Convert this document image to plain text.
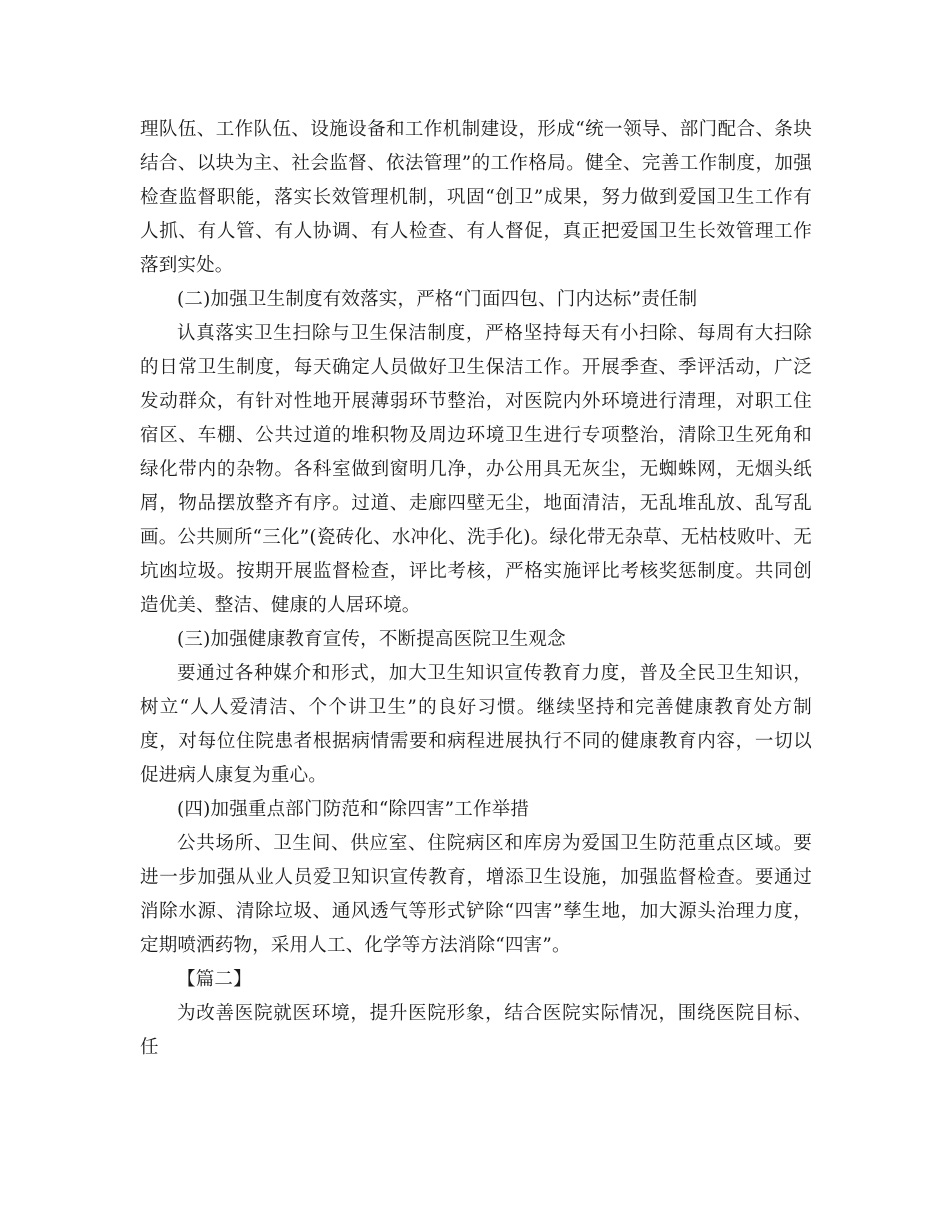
理队伍、工作队伍、设施设备和工作机制建设，形成“统一领导、部门配合、条块结合、以块为主、社会监督、依法管理”的工作格局。健全、完善工作制度，加强检查监督职能，落实长效管理机制，巩固“创卫”成果，努力做到爱国卫生工作有人抓、有人管、有人协调、有人检查、有人督促，真正把爱国卫生长效管理工作落到实处。

(二)加强卫生制度有效落实，严格“门面四包、门内达标”责任制

认真落实卫生扫除与卫生保洁制度，严格坚持每天有小扫除、每周有大扫除的日常卫生制度，每天确定人员做好卫生保洁工作。开展季查、季评活动，广泛发动群众，有针对性地开展薄弱环节整治，对医院内外环境进行清理，对职工住宿区、车棚、公共过道的堆积物及周边环境卫生进行专项整治，清除卫生死角和绿化带内的杂物。各科室做到窗明几净，办公用具无灰尘，无蜘蛛网，无烟头纸屑，物品摆放整齐有序。过道、走廊四壁无尘，地面清洁，无乱堆乱放、乱写乱画。公共厕所“三化”(瓷砖化、水冲化、洗手化)。绿化带无杂草、无枯枝败叶、无坑凼垃圾。按期开展监督检查，评比考核，严格实施评比考核奖惩制度。共同创造优美、整洁、健康的人居环境。

(三)加强健康教育宣传，不断提高医院卫生观念

要通过各种媒介和形式，加大卫生知识宣传教育力度，普及全民卫生知识，树立“人人爱清洁、个个讲卫生”的良好习惯。继续坚持和完善健康教育处方制度，对每位住院患者根据病情需要和病程进展执行不同的健康教育内容，一切以促进病人康复为重心。

(四)加强重点部门防范和“除四害”工作举措

公共场所、卫生间、供应室、住院病区和库房为爱国卫生防范重点区域。要进一步加强从业人员爱卫知识宣传教育，增添卫生设施，加强监督检查。要通过消除水源、清除垃圾、通风透气等形式铲除“四害”孳生地，加大源头治理力度，定期喷洒药物，采用人工、化学等方法消除“四害”。

【篇二】

为改善医院就医环境，提升医院形象，结合医院实际情况，围绕医院目标、任
